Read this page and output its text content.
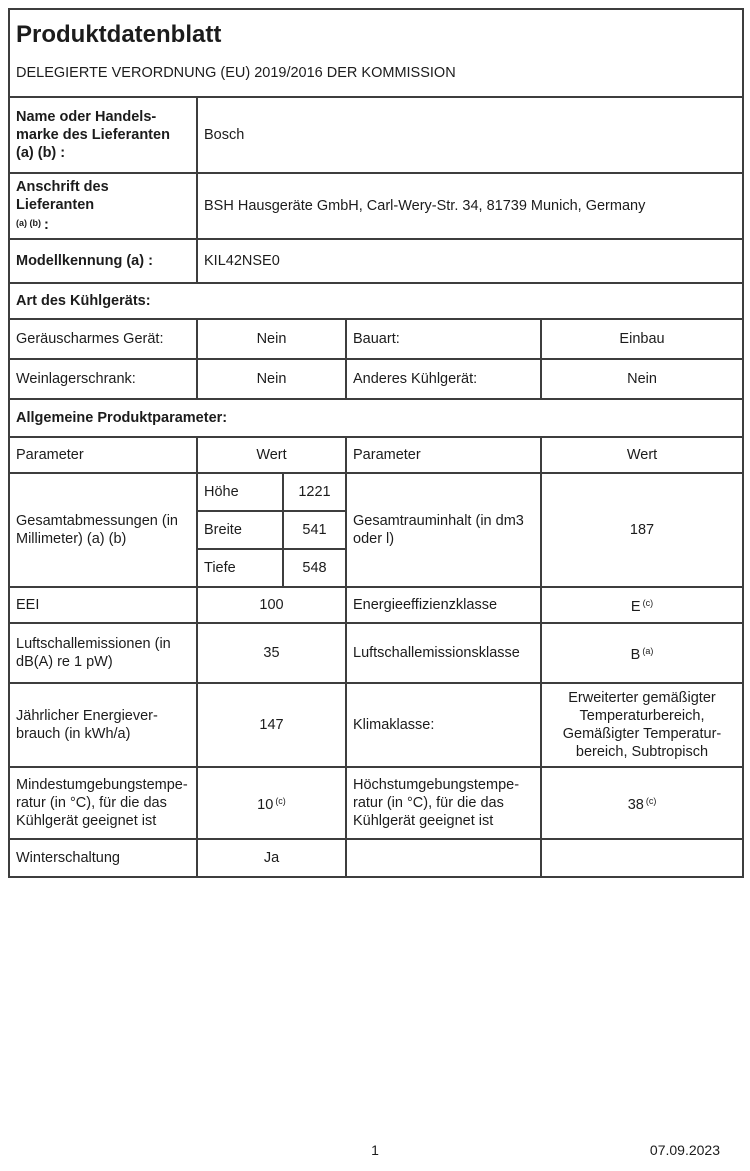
Produktdatenblatt
DELEGIERTE VERORDNUNG (EU) 2019/2016 DER KOMMISSION				

Name oder Handels-
marke des Lieferanten
(a) (b) :	Bosch			

Anschrift des Lieferanten
$^{(a) (b)}$ :	BSH Hausgeräte GmbH, Carl-Wery-Str. 34, 81739 Munich, Germany			
Modellkennung (a) :	KIL42NSE0			
Art des Kühlgeräts:				
Geräuscharmes Gerät:	Nein		Bauart:	Einbau
Weinlagerschrank:	Nein		Anderes Kühlgerät:	Nein
Allgemeine Produktparameter:				
Parameter	Wert		Parameter	Wert
Gesamtabmessungen (in
Millimeter) (a) (b)	Höhe	1221	Gesamtrauminhalt (in dm3
oder l)	187
	Breite	541		
	Tiefe	548		
EEI	100		Energieeffizienzklasse	E $^{(c)}$
Luftschallemissionen (in
dB(A) re 1 pW)	35		Luftschallemissionsklasse	B $^{(a)}$
Jährlicher Energiever-
brauch (in kWh/a)	147		Klimaklasse:	Erweiterter gemäßigter
Temperaturbereich,
Gemäßigter Temperatur-
bereich, Subtropisch
Mindestumgebungstempe-
ratur (in °C), für die das
Kühlgerät geeignet ist	10 $^{(c)}$		Höchstumgebungstempe-
ratur (in °C), für die das
Kühlgerät geeignet ist	38 $^{(c)}$
Winterschaltung	Ja			
1	07.09.2023
